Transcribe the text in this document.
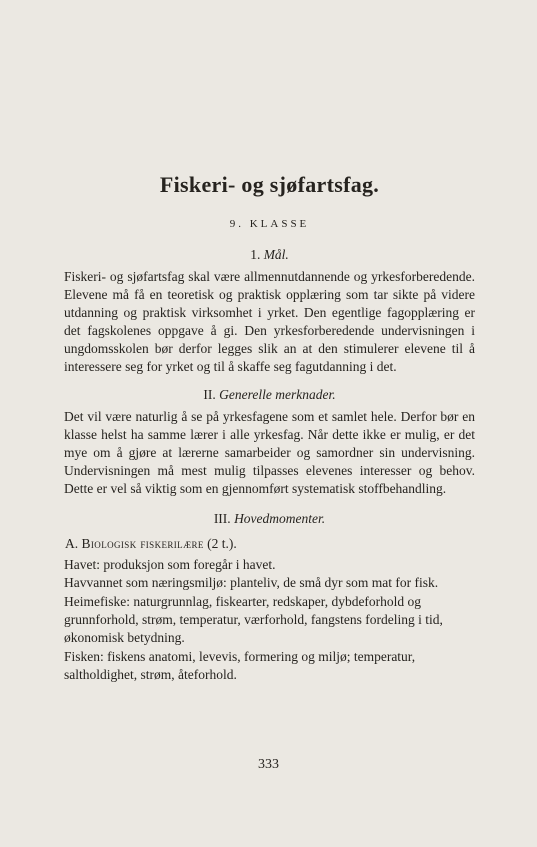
Fiskeri- og sjøfartsfag.
9. KLASSE
1. Mål.

Fiskeri- og sjøfartsfag skal være allmennutdannende og yrkesforberedende. Elevene må få en teoretisk og praktisk opplæring som tar sikte på videre utdanning og praktisk virksomhet i yrket. Den egentlige fagopplæring er det fagskolenes oppgave å gi. Den yrkesforberedende undervisningen i ungdomsskolen bør derfor legges slik an at den stimulerer elevene til å interessere seg for yrket og til å skaffe seg fagutdanning i det.

II. Generelle merknader.

Det vil være naturlig å se på yrkesfagene som et samlet hele. Derfor bør en klasse helst ha samme lærer i alle yrkesfag. Når dette ikke er mulig, er det mye om å gjøre at lærerne samarbeider og samordner sin undervisning. Undervisningen må mest mulig tilpasses elevenes interesser og behov. Dette er vel så viktig som en gjennomført systematisk stoffbehandling.

III. Hovedmomenter.
A. Biologisk fiskerilære (2 t.).
Havet: produksjon som foregår i havet.
Havvannet som næringsmiljø: planteliv, de små dyr som mat for fisk.
Heimefiske: naturgrunnlag, fiskearter, redskaper, dybdeforhold og
grunnforhold, strøm, temperatur, værforhold, fangstens fordeling i tid,
økonomisk betydning.
Fisken: fiskens anatomi, levevis, formering og miljø; temperatur,
saltholdighet, strøm, åteforhold.
333
